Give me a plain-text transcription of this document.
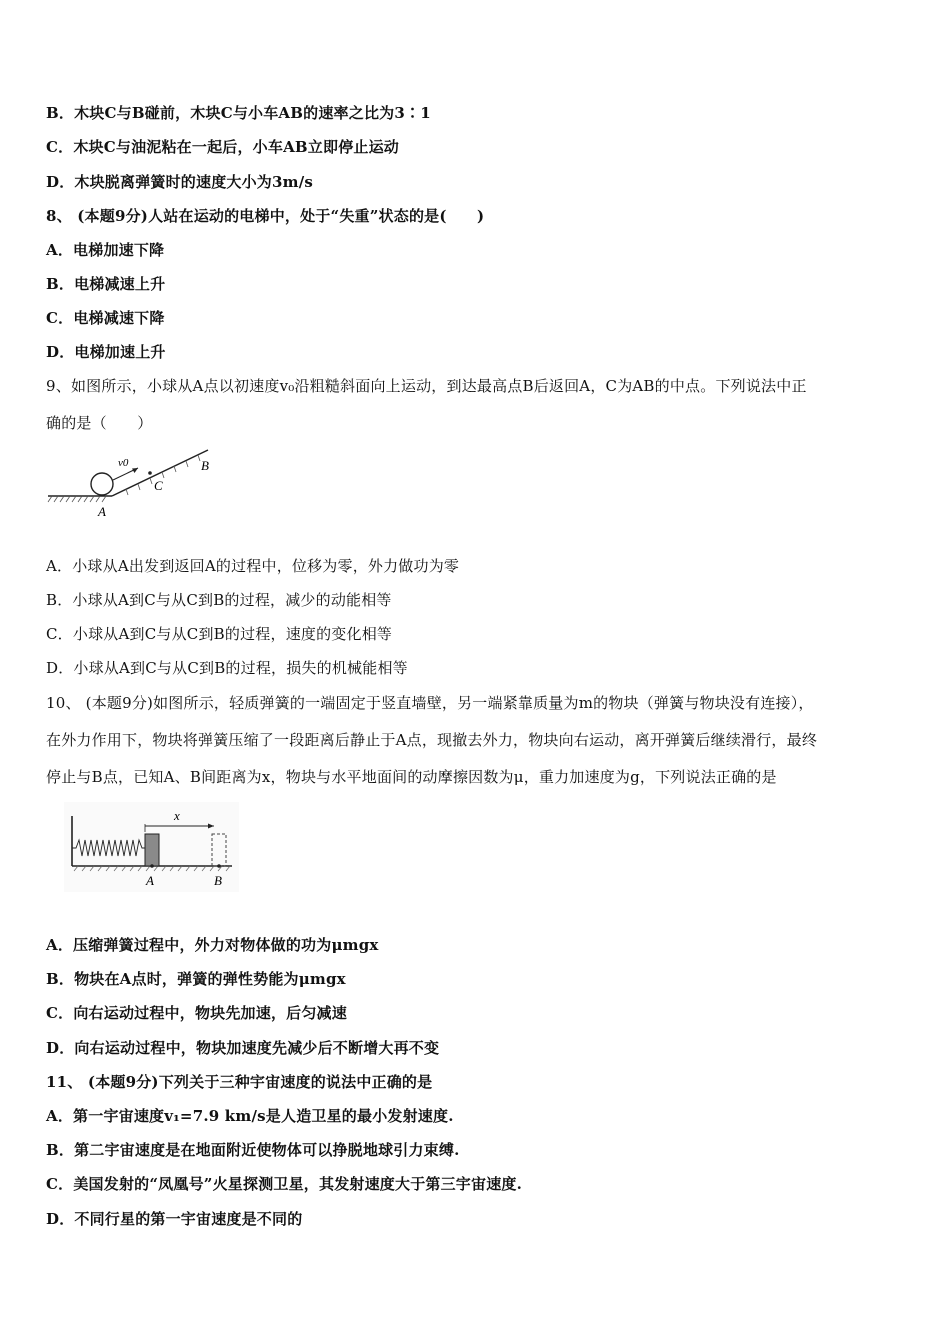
B．木块C与B碰前，木块C与小车AB的速率之比为3∶1
C．木块C与油泥粘在一起后，小车AB立即停止运动
D．木块脱离弹簧时的速度大小为3m/s
8、 (本题9分)人站在运动的电梯中，处于“失重”状态的是(　　)
A．电梯加速下降
B．电梯减速上升
C．电梯减速下降
D．电梯加速上升
9、如图所示，小球从A点以初速度v₀沿粗糙斜面向上运动，到达最高点B后返回A，C为AB的中点。下列说法中正
确的是（　　）
v0
C
B
A
A．小球从A出发到返回A的过程中，位移为零，外力做功为零
B．小球从A到C与从C到B的过程，减少的动能相等
C．小球从A到C与从C到B的过程，速度的变化相等
D．小球从A到C与从C到B的过程，损失的机械能相等
10、 (本题9分)如图所示，轻质弹簧的一端固定于竖直墙壁，另一端紧靠质量为m的物块（弹簧与物块没有连接），
在外力作用下，物块将弹簧压缩了一段距离后静止于A点，现撤去外力，物块向右运动，离开弹簧后继续滑行，最终
停止与B点，已知A、B间距离为x，物块与水平地面间的动摩擦因数为μ，重力加速度为g，下列说法正确的是
x
A	B
A．压缩弹簧过程中，外力对物体做的功为μmgx
B．物块在A点时，弹簧的弹性势能为μmgx
C．向右运动过程中，物块先加速，后匀减速
D．向右运动过程中，物块加速度先减少后不断增大再不变
11、 (本题9分)下列关于三种宇宙速度的说法中正确的是
A．第一宇宙速度v₁=7.9 km/s是人造卫星的最小发射速度.
B．第二宇宙速度是在地面附近使物体可以挣脱地球引力束缚.
C．美国发射的“凤凰号”火星探测卫星，其发射速度大于第三宇宙速度.
D．不同行星的第一宇宙速度是不同的
